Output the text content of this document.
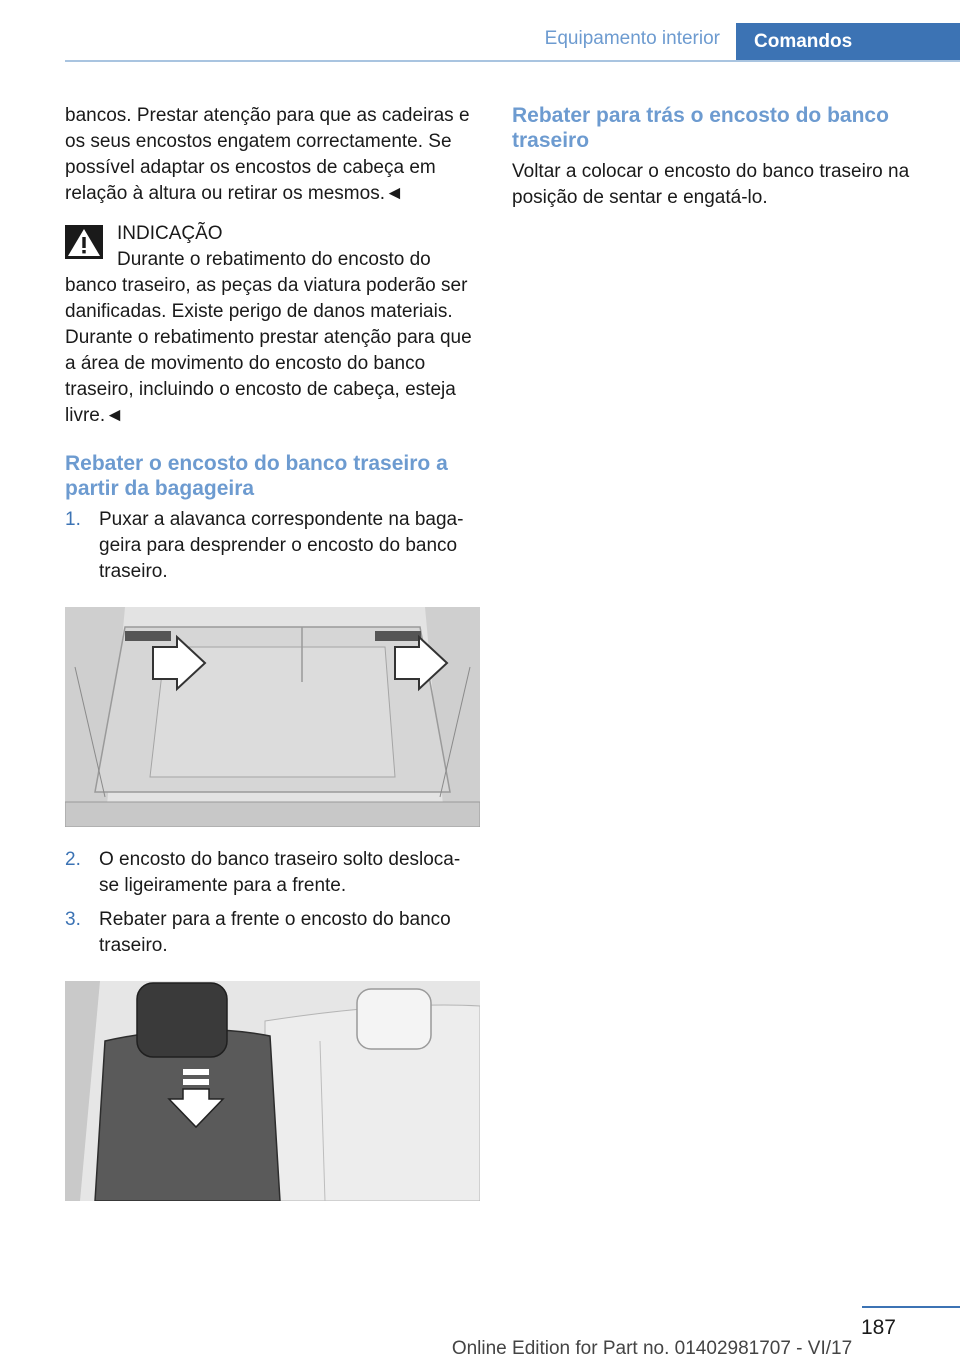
Equipamento interior	Comandos

bancos. Prestar atenção para que as cadeiras e os seus encostos engatem correctamente. Se possível adaptar os encostos de cabeça em relação à altura ou retirar os mesmos.◄

INDICAÇÃO

Durante o rebatimento do encosto do banco traseiro, as peças da viatura poderão ser danificadas. Existe perigo de danos materiais. Durante o rebatimento prestar atenção para que a área de movimento do encosto do banco traseiro, incluindo o encosto de cabeça, esteja livre.◄

Rebater o encosto do banco traseiro a partir da bagageira
1. Puxar a alavanca correspondente na bagageira para desprender o encosto do banco traseiro.
2. O encosto do banco traseiro solto desloca-se ligeiramente para a frente.
3. Rebater para a frente o encosto do banco traseiro.
Rebater para trás o encosto do banco traseiro

Voltar a colocar o encosto do banco traseiro na posição de sentar e engatá-lo.

187
Online Edition for Part no. 01402981707 - VI/17
